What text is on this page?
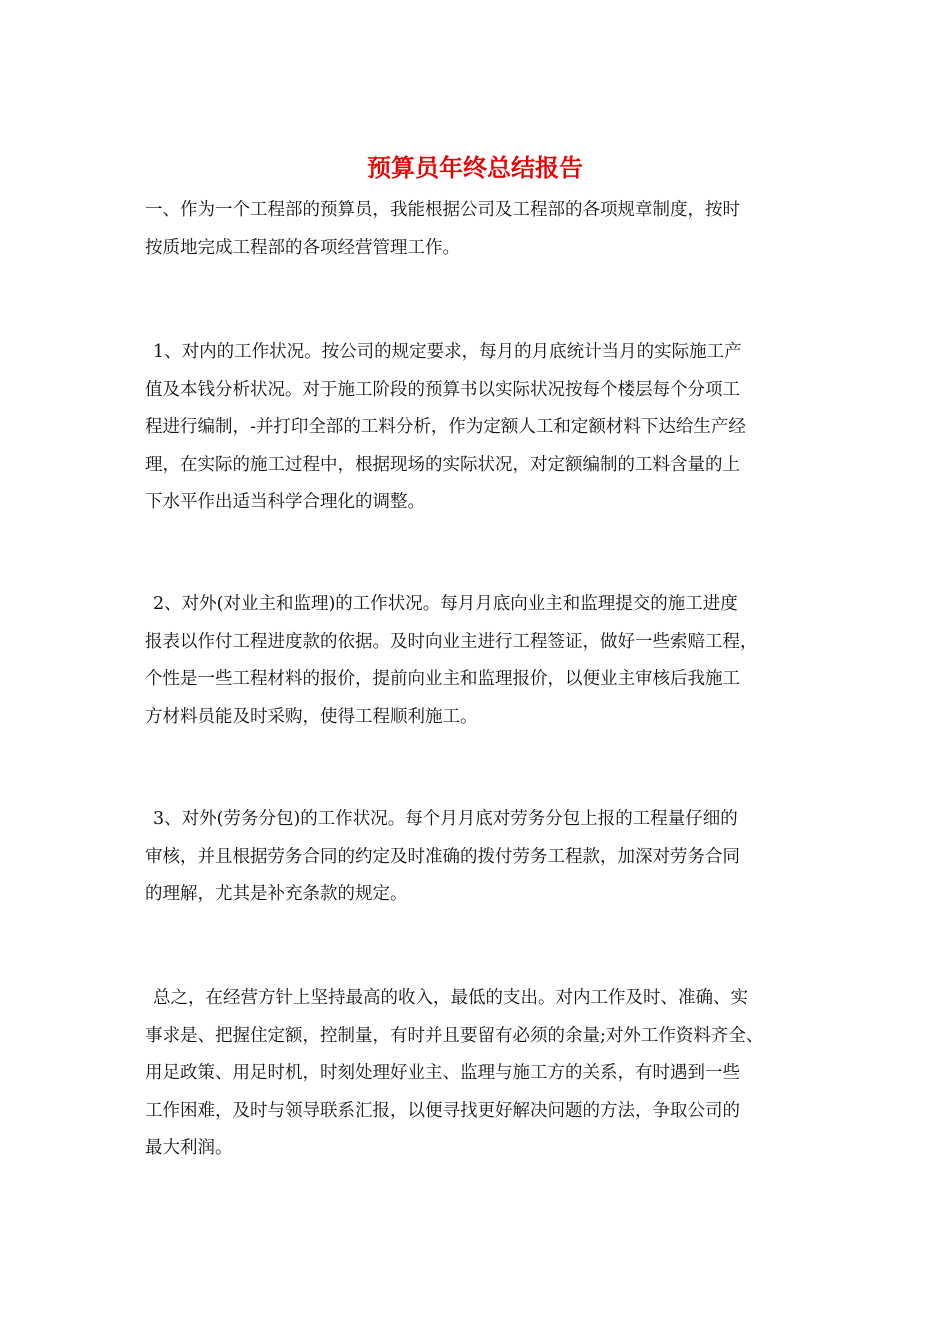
预算员年终总结报告
一、作为一个工程部的预算员，我能根据公司及工程部的各项规章制度，按时
按质地完成工程部的各项经营管理工作。
1、对内的工作状况。按公司的规定要求，每月的月底统计当月的实际施工产
值及本钱分析状况。对于施工阶段的预算书以实际状况按每个楼层每个分项工
程进行编制，-并打印全部的工料分析，作为定额人工和定额材料下达给生产经
理，在实际的施工过程中，根据现场的实际状况，对定额编制的工料含量的上
下水平作出适当科学合理化的调整。
2、对外(对业主和监理)的工作状况。每月月底向业主和监理提交的施工进度
报表以作付工程进度款的依据。及时向业主进行工程签证，做好一些索赔工程，
个性是一些工程材料的报价，提前向业主和监理报价，以便业主审核后我施工
方材料员能及时采购，使得工程顺利施工。
3、对外(劳务分包)的工作状况。每个月月底对劳务分包上报的工程量仔细的
审核，并且根据劳务合同的约定及时准确的拨付劳务工程款，加深对劳务合同
的理解，尤其是补充条款的规定。
总之，在经营方针上坚持最高的收入，最低的支出。对内工作及时、准确、实
事求是、把握住定额，控制量，有时并且要留有必须的余量;对外工作资料齐全、
用足政策、用足时机，时刻处理好业主、监理与施工方的关系，有时遇到一些
工作困难，及时与领导联系汇报，以便寻找更好解决问题的方法，争取公司的
最大利润。
